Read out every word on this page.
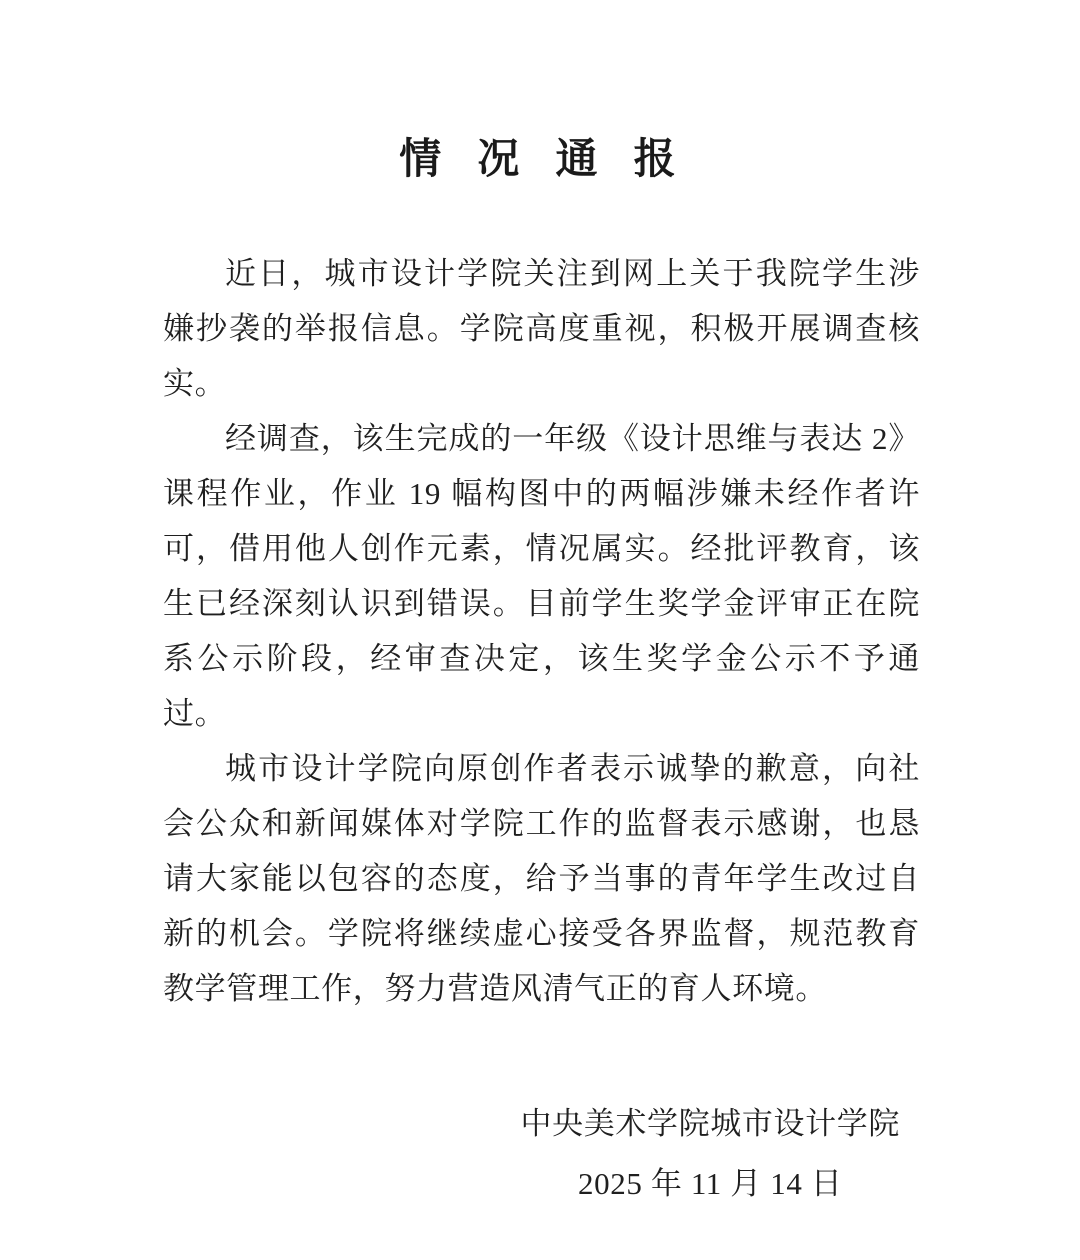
情  况  通  报

近日，城市设计学院关注到网上关于我院学生涉嫌抄袭的举报信息。学院高度重视，积极开展调查核实。

经调查，该生完成的一年级《设计思维与表达 2》课程作业，作业 19 幅构图中的两幅涉嫌未经作者许可，借用他人创作元素，情况属实。经批评教育，该生已经深刻认识到错误。目前学生奖学金评审正在院系公示阶段，经审查决定，该生奖学金公示不予通过。

城市设计学院向原创作者表示诚挚的歉意，向社会公众和新闻媒体对学院工作的监督表示感谢，也恳请大家能以包容的态度，给予当事的青年学生改过自新的机会。学院将继续虚心接受各界监督，规范教育教学管理工作，努力营造风清气正的育人环境。

中央美术学院城市设计学院
2025 年 11 月 14 日
